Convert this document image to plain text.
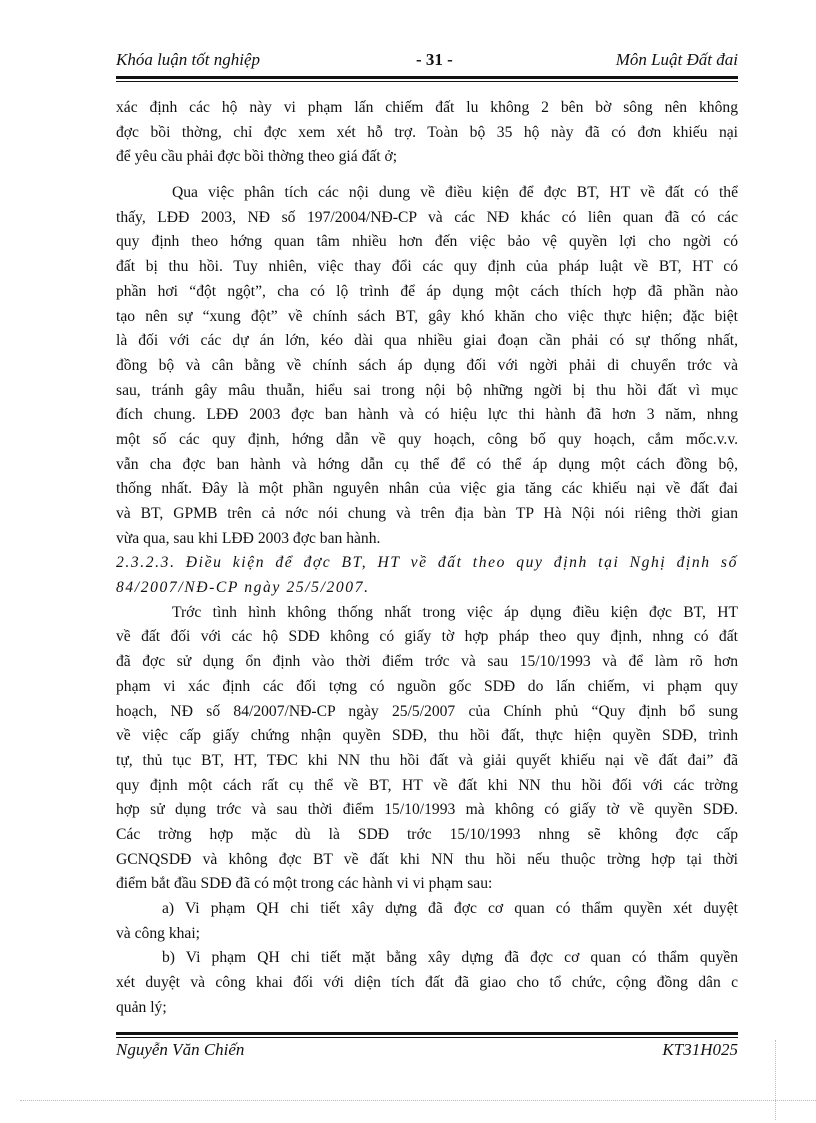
Khóa luận tốt nghiệp	- 31 -	Môn Luật Đất đai
xác định các hộ này vi phạm lấn chiếm đất lu không 2 bên bờ sông nên không
đợc bồi thờng, chỉ đợc xem xét hỗ trợ. Toàn bộ 35 hộ này đã có đơn khiếu nại
để yêu cầu phải đợc bồi thờng theo giá đất ở;
Qua việc phân tích các nội dung về điều kiện để đợc BT, HT về đất có thể
thấy, LĐĐ 2003, NĐ số 197/2004/NĐ-CP và các NĐ khác có liên quan đã có các
quy định theo hớng quan tâm nhiều hơn đến việc bảo vệ quyền lợi cho ngời có
đất bị thu hồi. Tuy nhiên, việc thay đổi các quy định của pháp luật về BT, HT có
phần hơi “đột ngột”, cha có lộ trình để áp dụng một cách thích hợp đã phần nào
tạo nên sự “xung đột” về chính sách BT, gây khó khăn cho việc thực hiện; đặc biệt
là đối với các dự án lớn, kéo dài qua nhiều giai đoạn cần phải có sự thống nhất,
đồng bộ và cân bằng về chính sách áp dụng đối với ngời phải di chuyển trớc và
sau, tránh gây mâu thuẫn, hiểu sai trong nội bộ những ngời bị thu hồi đất vì mục
đích chung. LĐĐ 2003 đợc ban hành và có hiệu lực thi hành đã hơn 3 năm, nhng
một số các quy định, hớng dẫn về quy hoạch, công bố quy hoạch, cắm mốc.v.v.
vẫn cha đợc ban hành và hớng dẫn cụ thể để có thể áp dụng một cách đồng bộ,
thống nhất. Đây là một phần nguyên nhân của việc gia tăng các khiếu nại về đất đai
và BT, GPMB trên cả nớc nói chung và trên địa bàn TP Hà Nội nói riêng thời gian
vừa qua, sau khi LĐĐ 2003 đợc ban hành.
2.3.2.3. Điều kiện để đợc BT, HT về đất theo quy định tại Nghị định số
84/2007/NĐ-CP ngày 25/5/2007.
Trớc tình hình không thống nhất trong việc áp dụng điều kiện đợc BT, HT
về đất đối với các hộ SDĐ không có giấy tờ hợp pháp theo quy định, nhng có đất
đã đợc sử dụng ổn định vào thời điểm trớc và sau 15/10/1993 và để làm rõ hơn
phạm vi xác định các đối tợng có nguồn gốc SDĐ do lấn chiếm, vi phạm quy
hoạch, NĐ số 84/2007/NĐ-CP ngày 25/5/2007 của Chính phủ “Quy định bổ sung
về việc cấp giấy chứng nhận quyền SDĐ, thu hồi đất, thực hiện quyền SDĐ, trình
tự, thủ tục BT, HT, TĐC khi NN thu hồi đất và giải quyết khiếu nại về đất đai” đã
quy định một cách rất cụ thể về BT, HT về đất khi NN thu hồi đối với các trờng
hợp sử dụng trớc và sau thời điểm 15/10/1993 mà không có giấy tờ về quyền SDĐ.
Các trờng hợp mặc dù là SDĐ trớc 15/10/1993 nhng sẽ không đợc cấp
GCNQSDĐ và không đợc BT về đất khi NN thu hồi nếu thuộc trờng hợp tại thời
điểm bắt đầu SDĐ đã có một trong các hành vi vi phạm sau:
a) Vi phạm QH chi tiết xây dựng đã đợc cơ quan có thẩm quyền xét duyệt
và công khai;
b) Vi phạm QH chi tiết mặt bằng xây dựng đã đợc cơ quan có thẩm quyền
xét duyệt và công khai đối với diện tích đất đã giao cho tổ chức, cộng đồng dân c
quản lý;
Nguyễn Văn Chiến	KT31H025
